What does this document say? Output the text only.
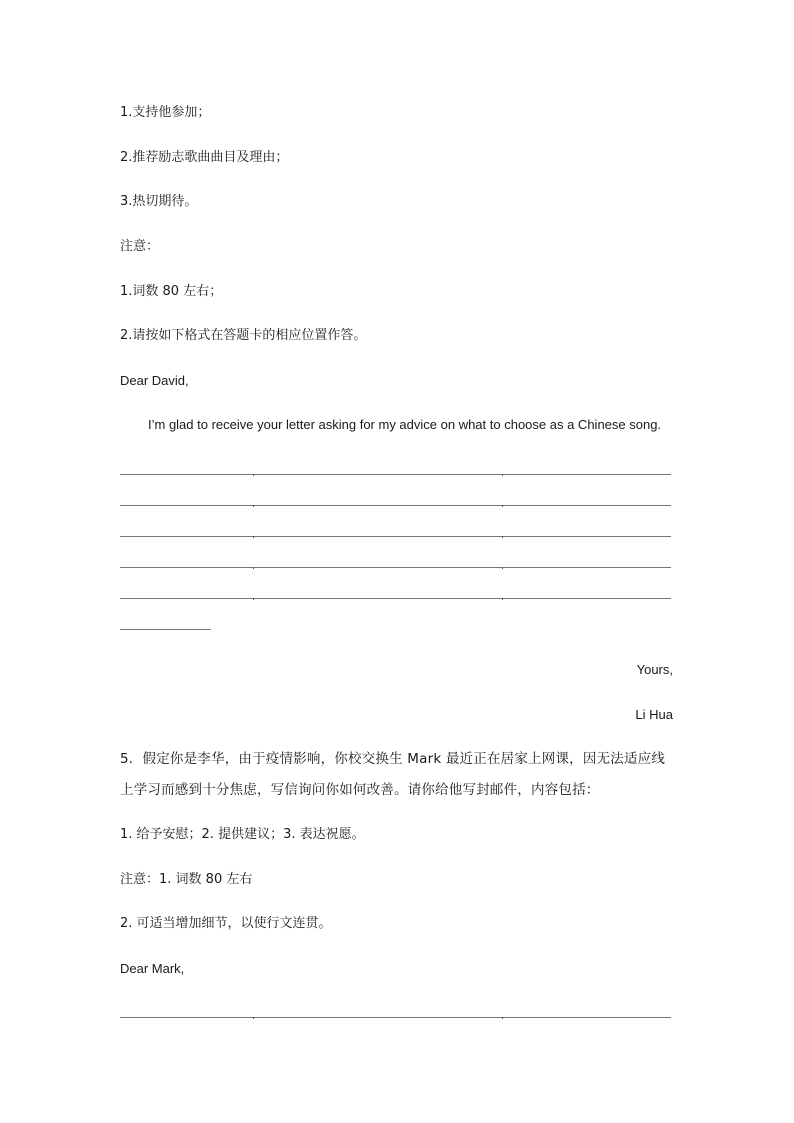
1.支持他参加；
2.推荐励志歌曲曲目及理由；
3.热切期待。
注意：
1.词数 80 左右；
2.请按如下格式在答题卡的相应位置作答。
Dear David,
I’m glad to receive your letter asking for my advice on what to choose as a Chinese song.
Yours,
Li Hua
5．假定你是李华，由于疫情影响，你校交换生 Mark 最近正在居家上网课，因无法适应线
上学习而感到十分焦虑，写信询问你如何改善。请你给他写封邮件，内容包括：
1. 给予安慰；2. 提供建议；3. 表达祝愿。
注意：1. 词数 80 左右
2. 可适当增加细节，以使行文连贯。
Dear Mark,
